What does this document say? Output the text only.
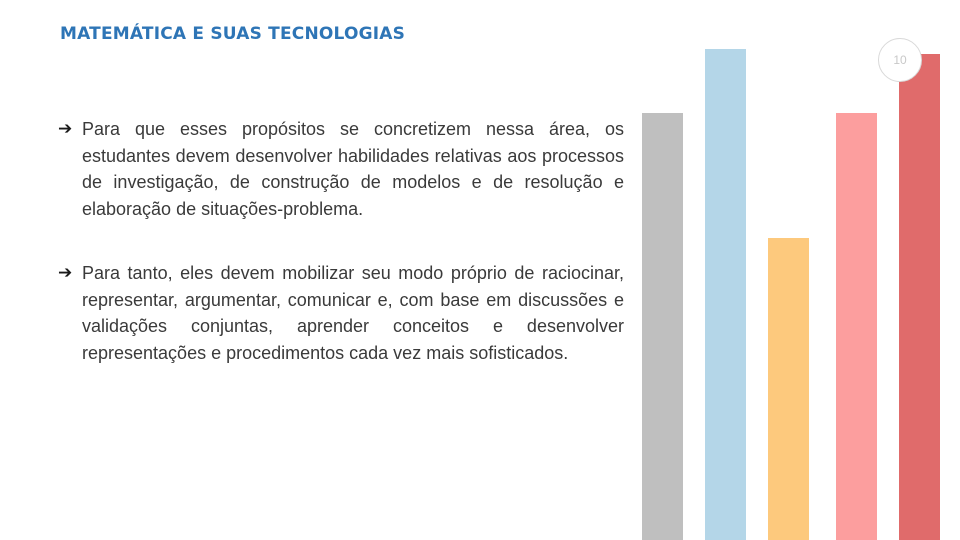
MATEMÁTICA E SUAS TECNOLOGIAS
10
➔ Para que esses propósitos se concretizem nessa área, os estudantes devem desenvolver habilidades relativas aos processos de investigação, de construção de modelos e de resolução e elaboração de situações-problema.
➔ Para tanto, eles devem mobilizar seu modo próprio de raciocinar, representar, argumentar, comunicar e, com base em discussões e validações conjuntas, aprender conceitos e desenvolver representações e procedimentos cada vez mais sofisticados.
